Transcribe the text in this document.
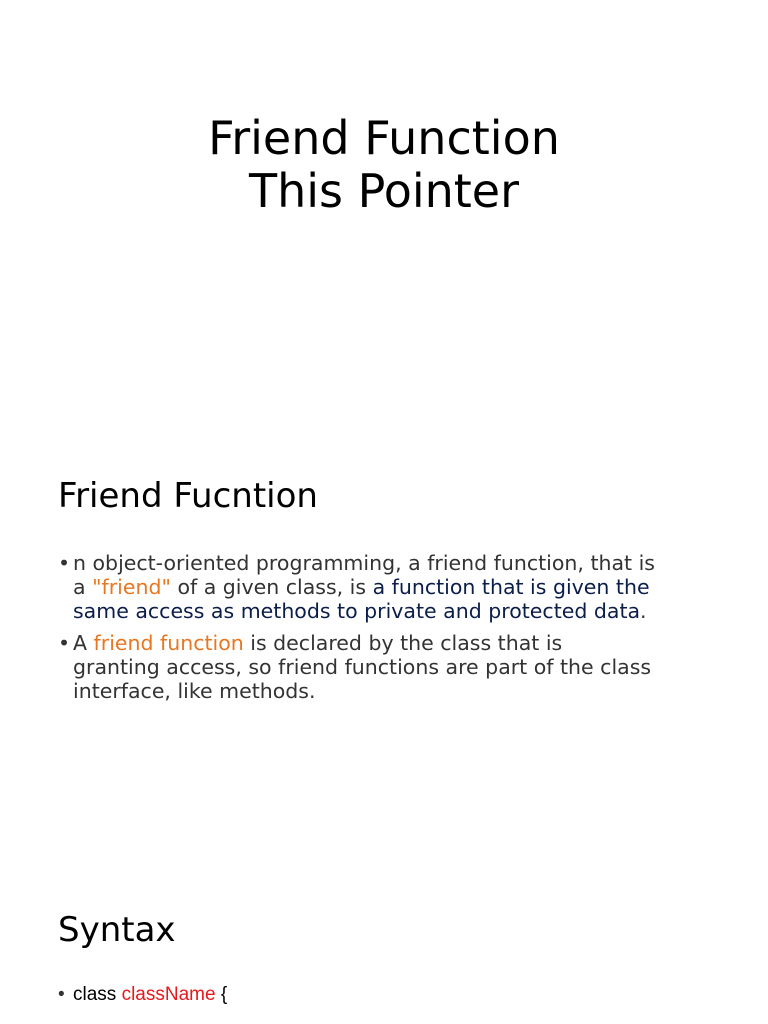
Friend Function
This Pointer
Friend Fucntion
• n object-oriented programming, a friend function, that is
a "friend" of a given class, is a function that is given the
same access as methods to private and protected data.
• A friend function is declared by the class that is
granting access, so friend functions are part of the class
interface, like methods.
Syntax
• class className {
